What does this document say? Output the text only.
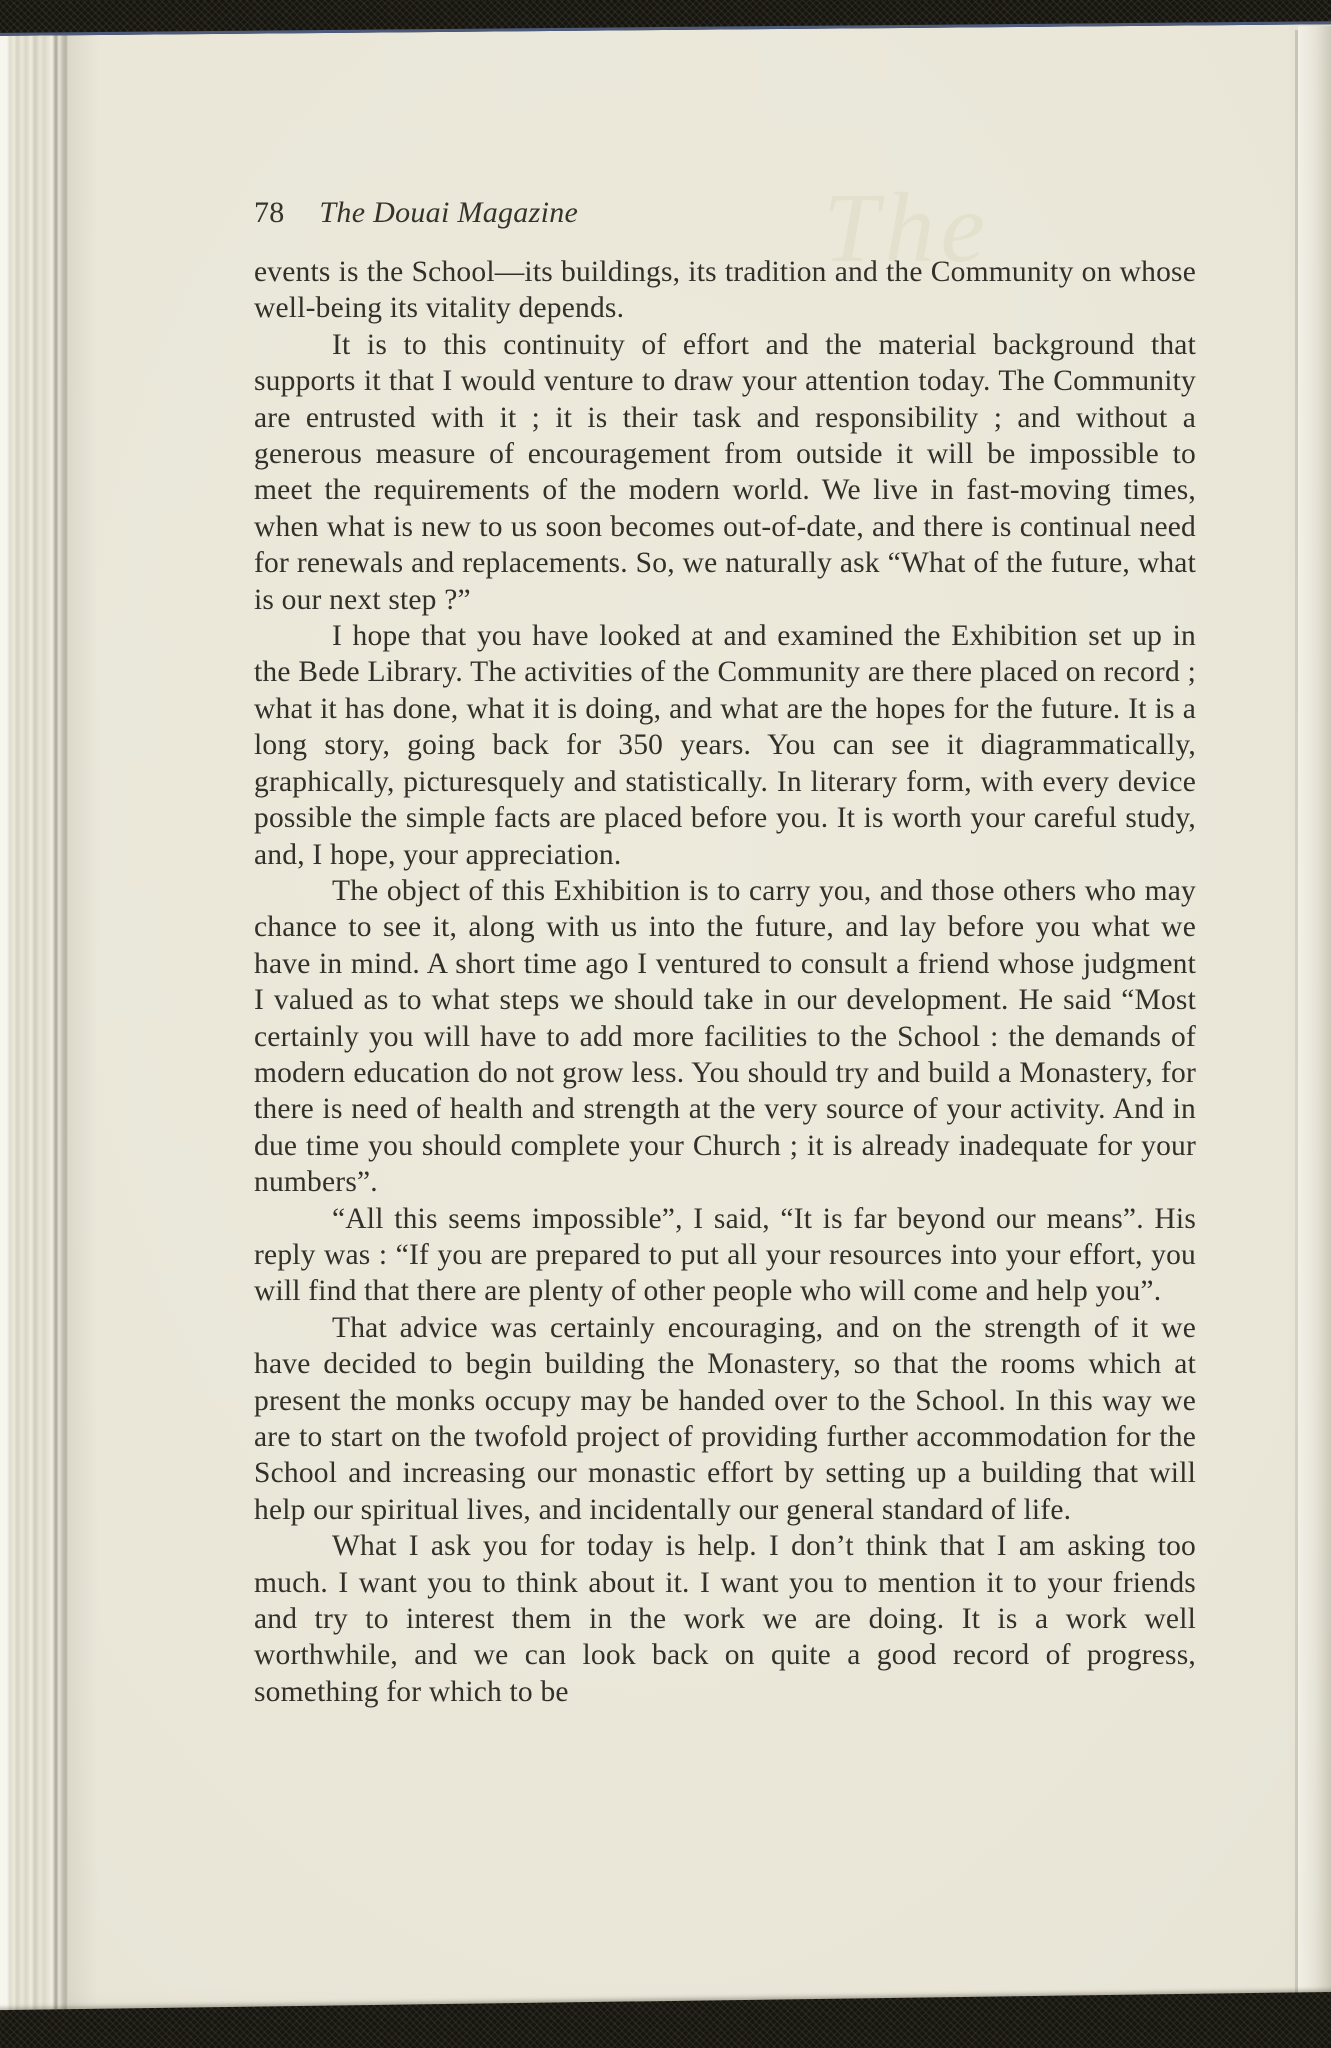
The
78 The Douai Magazine

events is the School—its buildings, its tradition and the Community on whose well-being its vitality depends.

It is to this continuity of effort and the material background that supports it that I would venture to draw your attention today. The Community are entrusted with it ; it is their task and responsibility ; and without a generous measure of encouragement from outside it will be impossible to meet the requirements of the modern world. We live in fast-moving times, when what is new to us soon becomes out-of-date, and there is continual need for renewals and replacements. So, we naturally ask “What of the future, what is our next step ?”

I hope that you have looked at and examined the Exhibition set up in the Bede Library. The activities of the Community are there placed on record ; what it has done, what it is doing, and what are the hopes for the future. It is a long story, going back for 350 years. You can see it diagrammatically, graphically, picturesquely and statistically. In literary form, with every device possible the simple facts are placed before you. It is worth your careful study, and, I hope, your appreciation.

The object of this Exhibition is to carry you, and those others who may chance to see it, along with us into the future, and lay before you what we have in mind. A short time ago I ventured to consult a friend whose judgment I valued as to what steps we should take in our development. He said “Most certainly you will have to add more facilities to the School : the demands of modern education do not grow less. You should try and build a Monastery, for there is need of health and strength at the very source of your activity. And in due time you should complete your Church ; it is already inadequate for your numbers”.

“All this seems impossible”, I said, “It is far beyond our means”. His reply was : “If you are prepared to put all your resources into your effort, you will find that there are plenty of other people who will come and help you”.

That advice was certainly encouraging, and on the strength of it we have decided to begin building the Monastery, so that the rooms which at present the monks occupy may be handed over to the School. In this way we are to start on the twofold project of providing further accommodation for the School and increasing our monastic effort by setting up a building that will help our spiritual lives, and incidentally our general standard of life.

What I ask you for today is help. I don’t think that I am asking too much. I want you to think about it. I want you to mention it to your friends and try to interest them in the work we are doing. It is a work well worthwhile, and we can look back on quite a good record of progress, something for which to be
